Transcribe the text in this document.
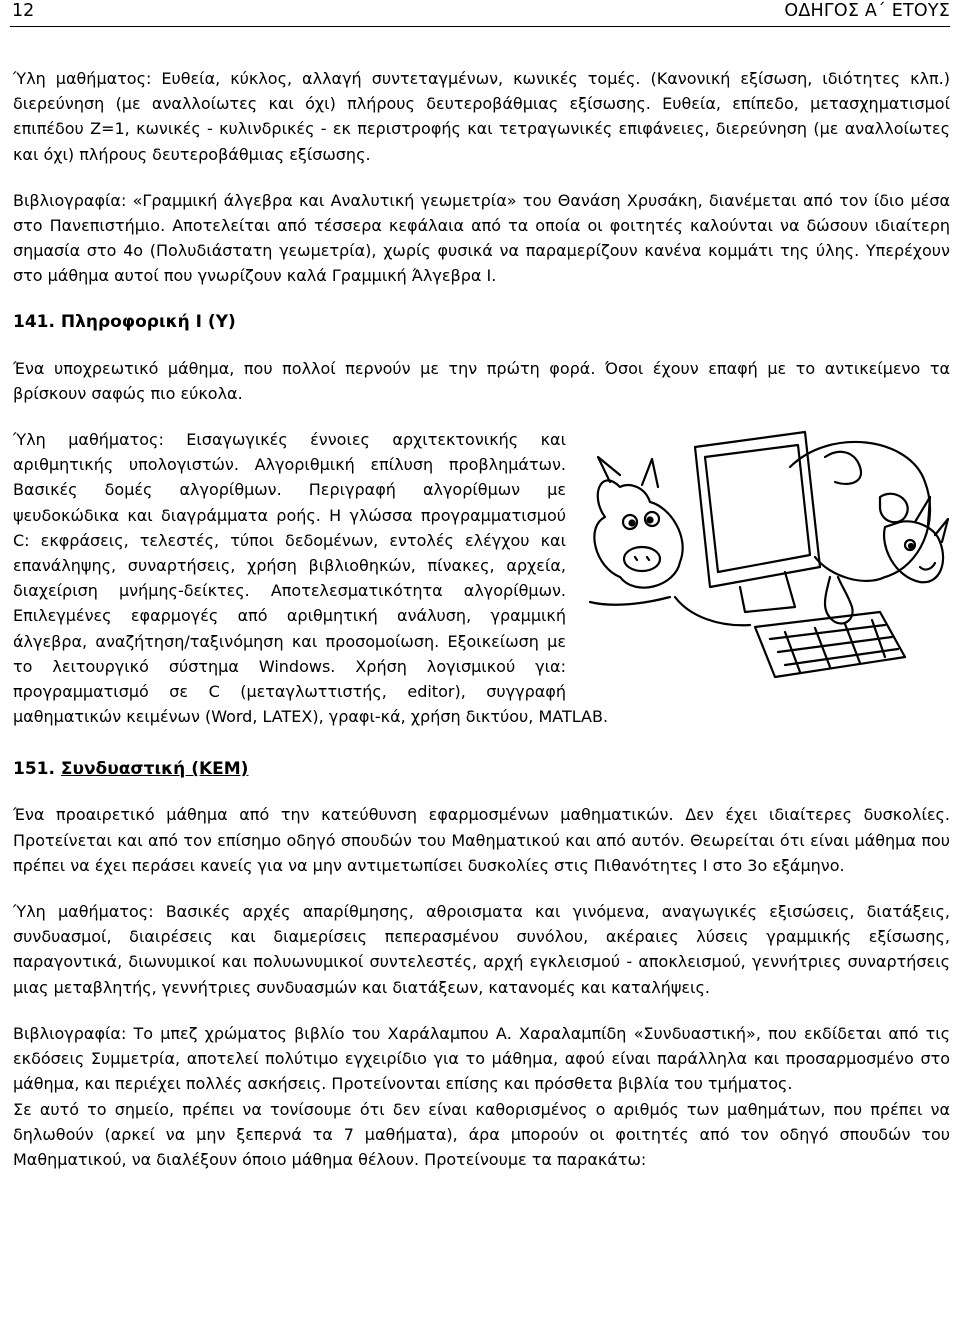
12	ΟΔΗΓΟΣ Α΄ ΕΤΟΥΣ

Ύλη μαθήματος: Ευθεία, κύκλος, αλλαγή συντεταγμένων, κωνικές τομές. (Κανονική εξίσωση, ιδιότητες κλπ.) διερεύνηση (με αναλλοίωτες και όχι) πλήρους δευτεροβάθμιας εξίσωσης. Ευθεία, επίπεδο, μετασχηματισμοί επιπέδου Z=1, κωνικές - κυλινδρικές - εκ περιστροφής και τετραγωνικές επιφάνειες, διερεύνηση (με αναλλοίωτες και όχι) πλήρους δευτεροβάθμιας εξίσωσης.

Βιβλιογραφία: «Γραμμική άλγεβρα και Αναλυτική γεωμετρία» του Θανάση Χρυσάκη, διανέμεται από τον ίδιο μέσα στο Πανεπιστήμιο. Αποτελείται από τέσσερα κεφάλαια από τα οποία οι φοιτητές καλούνται να δώσουν ιδιαίτερη σημασία στο 4ο (Πολυδιάστατη γεωμετρία), χωρίς φυσικά να παραμερίζουν κανένα κομμάτι της ύλης. Υπερέχουν στο μάθημα αυτοί που γνωρίζουν καλά Γραμμική Άλγεβρα Ι.

141. Πληροφορική Ι (Υ)

Ένα υποχρεωτικό μάθημα, που πολλοί περνούν με την πρώτη φορά. Όσοι έχουν επαφή με το αντικείμενο τα βρίσκουν σαφώς πιο εύκολα.

Ύλη μαθήματος: Εισαγωγικές έννοιες αρχιτεκτονικής και αριθμητικής υπολογιστών. Αλγοριθμική επίλυση προβλημάτων. Βασικές δομές αλγορίθμων. Περιγραφή αλγορίθμων με ψευδοκώδικα και διαγράμματα ροής. Η γλώσσα προγραμματισμού C: εκφράσεις, τελεστές, τύποι δεδομένων, εντολές ελέγχου και επανάληψης, συναρτήσεις, χρήση βιβλιοθηκών, πίνακες, αρχεία, διαχείριση μνήμης-δείκτες. Αποτελεσματικότητα αλγορίθμων. Επιλεγμένες εφαρμογές από αριθμητική ανάλυση, γραμμική άλγεβρα, αναζήτηση/ταξινόμηση και προσομοίωση. Εξοικείωση με το λειτουργικό σύστημα Windows. Χρήση λογισμικού για: προγραμματισμό σε C (μεταγλωττιστής, editor), συγγραφή μαθηματικών κειμένων (Word, LATEX), γραφι-κά, χρήση δικτύου, MATLAB.

151. Συνδυαστική (ΚΕΜ)

Ένα προαιρετικό μάθημα από την κατεύθυνση εφαρμοσμένων μαθηματικών. Δεν έχει ιδιαίτερες δυσκολίες. Προτείνεται και από τον επίσημο οδηγό σπουδών του Μαθηματικού και από αυτόν. Θεωρείται ότι είναι μάθημα που πρέπει να έχει περάσει κανείς για να μην αντιμετωπίσει δυσκολίες στις Πιθανότητες Ι στο 3ο εξάμηνο.

Ύλη μαθήματος: Βασικές αρχές απαρίθμησης, αθροισματα και γινόμενα, αναγωγικές εξισώσεις, διατάξεις, συνδυασμοί, διαιρέσεις και διαμερίσεις πεπερασμένου συνόλου, ακέραιες λύσεις γραμμικής εξίσωσης, παραγοντικά, διωνυμικοί και πολυωνυμικοί συντελεστές, αρχή εγκλεισμού - αποκλεισμού, γεννήτριες συναρτήσεις μιας μεταβλητής, γεννήτριες συνδυασμών και διατάξεων, κατανομές και καταλήψεις.

Βιβλιογραφία: Το μπεζ χρώματος βιβλίο του Χαράλαμπου Α. Χαραλαμπίδη «Συνδυαστική», που εκδίδεται από τις εκδόσεις Συμμετρία, αποτελεί πολύτιμο εγχειρίδιο για το μάθημα, αφού είναι παράλληλα και προσαρμοσμένο στο μάθημα, και περιέχει πολλές ασκήσεις. Προτείνονται επίσης και πρόσθετα βιβλία του τμήματος.

Σε αυτό το σημείο, πρέπει να τονίσουμε ότι δεν είναι καθορισμένος ο αριθμός των μαθημάτων, που πρέπει να δηλωθούν (αρκεί να μην ξεπερνά τα 7 μαθήματα), άρα μπορούν οι φοιτητές από τον οδηγό σπουδών του Μαθηματικού, να διαλέξουν όποιο μάθημα θέλουν. Προτείνουμε τα παρακάτω:
